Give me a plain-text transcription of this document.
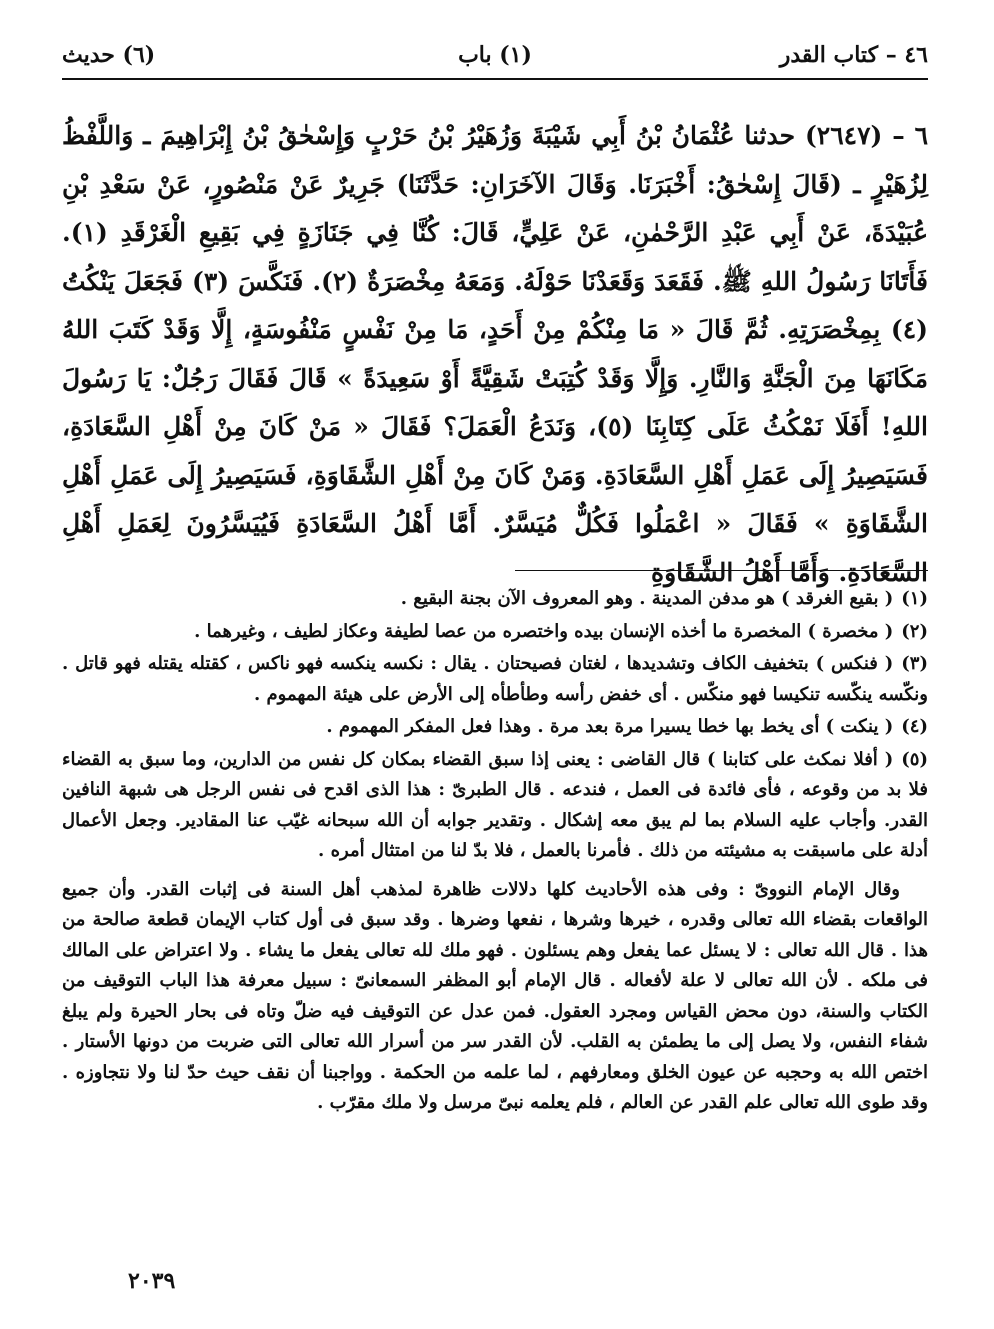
٤٦ – كتاب القدر
(١) باب
(٦) حديث
٦ – (٢٦٤٧) حدثنا عُثْمَانُ بْنُ أَبِي شَيْبَةَ وَزُهَيْرُ بْنُ حَرْبٍ وَإِسْحٰقُ بْنُ إِبْرَاهِيمَ ـ وَاللَّفْظُ لِزُهَيْرٍ ـ (قَالَ إِسْحٰقُ: أَخْبَرَنَا. وَقَالَ الآخَرَانِ: حَدَّثَنَا) جَرِيرٌ عَنْ مَنْصُورٍ، عَنْ سَعْدِ بْنِ عُبَيْدَةَ، عَنْ أَبِي عَبْدِ الرَّحْمٰنِ، عَنْ عَلِيٍّ، قَالَ: كُنَّا فِي جَنَازَةٍ فِي بَقِيعِ الْغَرْقَدِ (١). فَأَتَانَا رَسُولُ اللهِ ﷺ. فَقَعَدَ وَقَعَدْنَا حَوْلَهُ. وَمَعَهُ مِخْصَرَةٌ (٢). فَنَكَّسَ (٣) فَجَعَلَ يَنْكُتُ (٤) بِمِخْصَرَتِهِ. ثُمَّ قَالَ « مَا مِنْكُمْ مِنْ أَحَدٍ، مَا مِنْ نَفْسٍ مَنْفُوسَةٍ، إِلَّا وَقَدْ كَتَبَ اللهُ مَكَانَهَا مِنَ الْجَنَّةِ وَالنَّارِ. وَإِلَّا وَقَدْ كُتِبَتْ شَقِيَّةً أَوْ سَعِيدَةً » قَالَ فَقَالَ رَجُلٌ: يَا رَسُولَ اللهِ! أَفَلَا نَمْكُثُ عَلَى كِتَابِنَا (٥)، وَنَدَعُ الْعَمَلَ؟ فَقَالَ « مَنْ كَانَ مِنْ أَهْلِ السَّعَادَةِ، فَسَيَصِيرُ إِلَى عَمَلِ أَهْلِ السَّعَادَةِ. وَمَنْ كَانَ مِنْ أَهْلِ الشَّقَاوَةِ، فَسَيَصِيرُ إِلَى عَمَلِ أَهْلِ الشَّقَاوَةِ » فَقَالَ « اعْمَلُوا فَكُلٌّ مُيَسَّرٌ. أَمَّا أَهْلُ السَّعَادَةِ فَيُيَسَّرُونَ لِعَمَلِ أَهْلِ السَّعَادَةِ. وَأَمَّا أَهْلُ الشَّقَاوَةِ

(١)( بقيع الغرقد ) هو مدفن المدينة . وهو المعروف الآن بجنة البقيع .

(٢)( مخصرة ) المخصرة ما أخذه الإنسان بيده واختصره من عصا لطيفة وعكاز لطيف ، وغيرهما .

(٣)( فنكس ) بتخفيف الكاف وتشديدها ، لغتان فصيحتان . يقال : نكسه ينكسه فهو ناكس ، كقتله يقتله فهو قاتل . ونكّسه ينكّسه تنكيسا فهو منكّس . أى خفض رأسه وطأطأه إلى الأرض على هيئة المهموم .

(٤)( ينكت ) أى يخط بها خطا يسيرا مرة بعد مرة . وهذا فعل المفكر المهموم .

(٥)( أفلا نمكث على كتابنا ) قال القاضى : يعنى إذا سبق القضاء بمكان كل نفس من الدارين، وما سبق به القضاء فلا بد من وقوعه ، فأى فائدة فى العمل ، فندعه . قال الطبرىّ : هذا الذى اقدح فى نفس الرجل هى شبهة النافين القدر. وأجاب عليه السلام بما لم يبق معه إشكال . وتقدير جوابه أن الله سبحانه غيّب عنا المقادير. وجعل الأعمال أدلة على ماسبقت به مشيئته من ذلك . فأمرنا بالعمل ، فلا بدّ لنا من امتثال أمره .

وقال الإمام النووىّ : وفى هذه الأحاديث كلها دلالات ظاهرة لمذهب أهل السنة فى إثبات القدر. وأن جميع الواقعات بقضاء الله تعالى وقدره ، خيرها وشرها ، نفعها وضرها . وقد سبق فى أول كتاب الإيمان قطعة صالحة من هذا . قال الله تعالى : لا يسئل عما يفعل وهم يسئلون . فهو ملك لله تعالى يفعل ما يشاء . ولا اعتراض على المالك فى ملكه . لأن الله تعالى لا علة لأفعاله . قال الإمام أبو المظفر السمعانىّ : سبيل معرفة هذا الباب التوقيف من الكتاب والسنة، دون محض القياس ومجرد العقول. فمن عدل عن التوقيف فيه ضلّ وتاه فى بحار الحيرة ولم يبلغ شفاء النفس، ولا يصل إلى ما يطمئن به القلب. لأن القدر سر من أسرار الله تعالى التى ضربت من دونها الأستار . اختص الله به وحجبه عن عيون الخلق ومعارفهم ، لما علمه من الحكمة . وواجبنا أن نقف حيث حدّ لنا ولا نتجاوزه . وقد طوى الله تعالى علم القدر عن العالم ، فلم يعلمه نبىّ مرسل ولا ملك مقرّب .

٢٠٣٩
